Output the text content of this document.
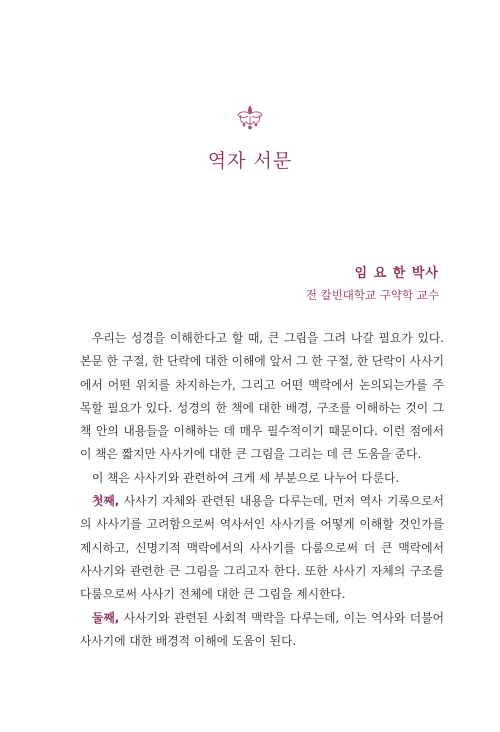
역자 서문
임 요 한 박사
전 칼빈대학교 구약학 교수

우리는 성경을 이해한다고 할 때, 큰 그림을 그려 나갈 필요가 있다. 본문 한 구절, 한 단락에 대한 이해에 앞서 그 한 구절, 한 단락이 사사기에서 어떤 위치를 차지하는가, 그리고 어떤 맥락에서 논의되는가를 주목할 필요가 있다. 성경의 한 책에 대한 배경, 구조를 이해하는 것이 그 책 안의 내용들을 이해하는 데 매우 필수적이기 때문이다. 이런 점에서 이 책은 짧지만 사사기에 대한 큰 그림을 그리는 데 큰 도움을 준다.

이 책은 사사기와 관련하여 크게 세 부분으로 나누어 다룬다.

첫째, 사사기 자체와 관련된 내용을 다루는데, 먼저 역사 기록으로서의 사사기를 고려함으로써 역사서인 사사기를 어떻게 이해할 것인가를 제시하고, 신명기적 맥락에서의 사사기를 다룸으로써 더 큰 맥락에서 사사기와 관련한 큰 그림을 그리고자 한다. 또한 사사기 자체의 구조를 다룸으로써 사사기 전체에 대한 큰 그림을 제시한다.

둘째, 사사기와 관련된 사회적 맥락을 다루는데, 이는 역사와 더불어 사사기에 대한 배경적 이해에 도움이 된다.
